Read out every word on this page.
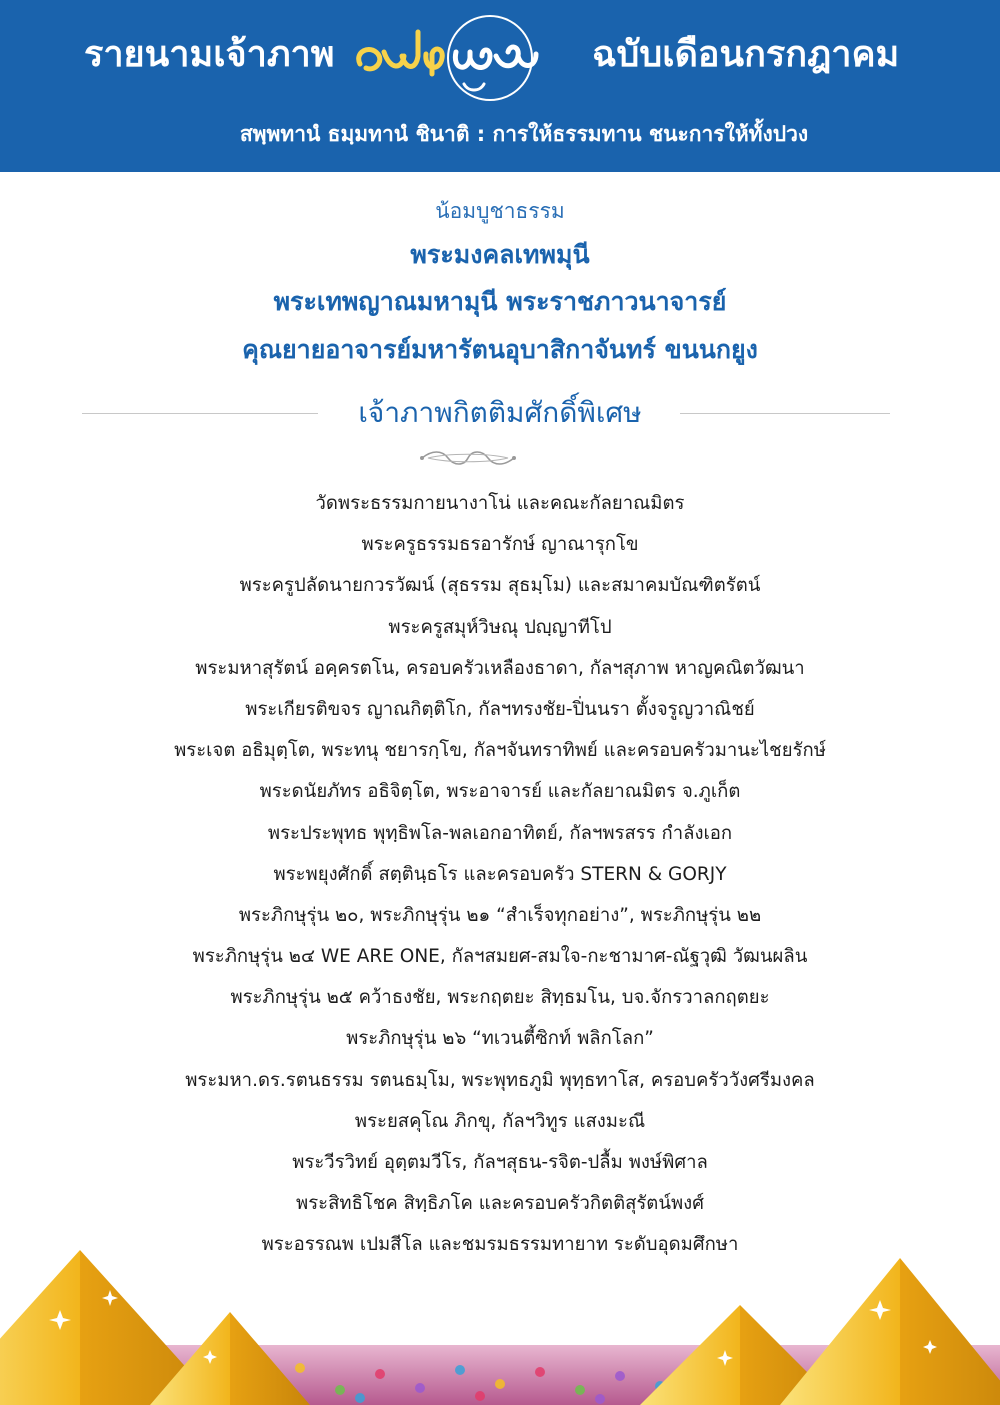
รายนามเจ้าภาพ	ฉบับเดือนกรกฎาคม
สพฺพทานํ ธมฺมทานํ ชินาติ : การให้ธรรมทาน ชนะการให้ทั้งปวง
น้อมบูชาธรรม
พระมงคลเทพมุนี
พระเทพญาณมหามุนี พระราชภาวนาจารย์
คุณยายอาจารย์มหารัตนอุบาสิกาจันทร์ ขนนกยูง
เจ้าภาพกิตติมศักดิ์พิเศษ
วัดพระธรรมกายนางาโน่ และคณะกัลยาณมิตร
พระครูธรรมธรอารักษ์ ญาณารุกโข
พระครูปลัดนายกวรวัฒน์ (สุธรรม สุธมฺโม) และสมาคมบัณฑิตรัตน์
พระครูสมุห์วิษณุ ปญฺญาทีโป
พระมหาสุรัตน์ อคฺครตโน, ครอบครัวเหลืองธาดา, กัลฯสุภาพ หาญคณิตวัฒนา
พระเกียรติขจร ญาณกิตฺติโก, กัลฯทรงชัย-ปิ่นนรา ตั้งจรูญวาณิชย์
พระเจต อธิมุตฺโต, พระทนุ ชยารกฺโข, กัลฯจันทราทิพย์ และครอบครัวมานะไชยรักษ์
พระดนัยภัทร อธิจิตฺโต, พระอาจารย์ และกัลยาณมิตร จ.ภูเก็ต
พระประพุทธ พุทฺธิพโล-พลเอกอาทิตย์, กัลฯพรสรร กำลังเอก
พระพยุงศักดิ์ สตฺตินฺธโร และครอบครัว STERN & GORJY
พระภิกษุรุ่น ๒๐, พระภิกษุรุ่น ๒๑ “สำเร็จทุกอย่าง”, พระภิกษุรุ่น ๒๒
พระภิกษุรุ่น ๒๔ WE ARE ONE, กัลฯสมยศ-สมใจ-กะชามาศ-ณัฐวุฒิ วัฒนผลิน
พระภิกษุรุ่น ๒๕ คว้าธงชัย, พระกฤตยะ สิทฺธมโน, บจ.จักรวาลกฤตยะ
พระภิกษุรุ่น ๒๖ “ทเวนตี้ซิกท์ พลิกโลก”
พระมหา.ดร.รตนธรรม รตนธมฺโม, พระพุทธภูมิ พุทฺธทาโส, ครอบครัววังศรีมงคล
พระยสคุโณ ภิกขุ, กัลฯวิทูร แสงมะณี
พระวีรวิทย์ อุตฺตมวีโร, กัลฯสุธน-รจิต-ปลื้ม พงษ์พิศาล
พระสิทธิโชค สิทฺธิภโค และครอบครัวกิตติสุรัตน์พงศ์
พระอรรณพ เปมสีโล และชมรมธรรมทายาท ระดับอุดมศึกษา
